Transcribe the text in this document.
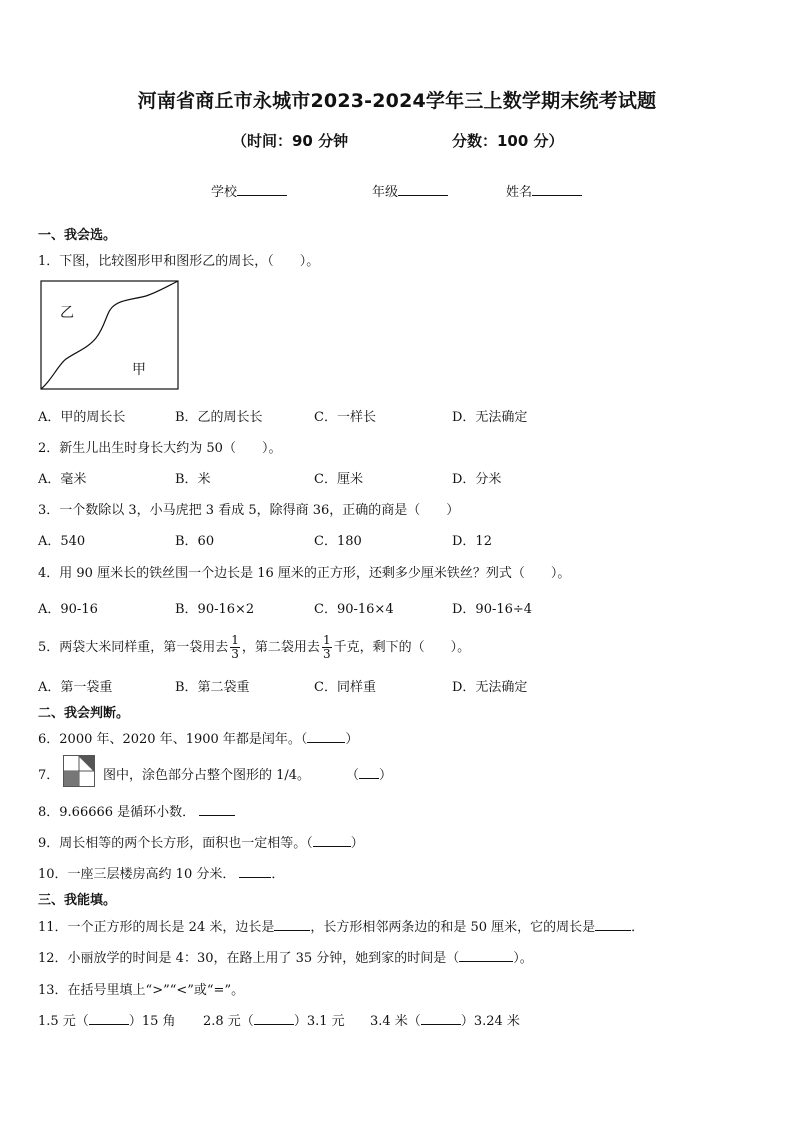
河南省商丘市永城市2023-2024学年三上数学期末统考试题
（时间：90 分钟	分数：100 分）
学校	年级	姓名
一、我会选。
1．下图，比较图形甲和图形乙的周长，（　　）。
乙
甲
A．甲的周长长	B．乙的周长长	C．一样长	D．无法确定
2．新生儿出生时身长大约为 50（　　）。
A．毫米	B．米	C．厘米	D．分米
3．一个数除以 3，小马虎把 3 看成 5，除得商 36，正确的商是（　　）
A．540	B．60	C．180	D．12
4．用 90 厘米长的铁丝围一个边长是 16 厘米的正方形，还剩多少厘米铁丝？列式（　　）。
A．90-16	B．90-16×2	C．90-16×4	D．90-16÷4
5．两袋大米同样重，第一袋用去 $\frac{1}{3}$ ，第二袋用去 $\frac{1}{3}$ 千克，剩下的（　　）。
A．第一袋重	B．第二袋重	C．同样重	D．无法确定
二、我会判断。
6．2000 年、2020 年、1900 年都是闰年。（	）
7．	图中，涂色部分占整个图形的 1/4。	（ ）
8．9.66666 是循环小数．
9．周长相等的两个长方形，面积也一定相等。（	）
10．一座三层楼房高约 10 分米．	．
三、我能填。
11．一个正方形的周长是 24 米，边长是	，长方形相邻两条边的和是 50 厘米，它的周长是	．
12．小丽放学的时间是 4：30，在路上用了 35 分钟，她到家的时间是（	）。
13．在括号里填上“>”“<”或“=”。
1.5 元（	）15 角 2.8 元（	）3.1 元 3.4 米（	）3.24 米
